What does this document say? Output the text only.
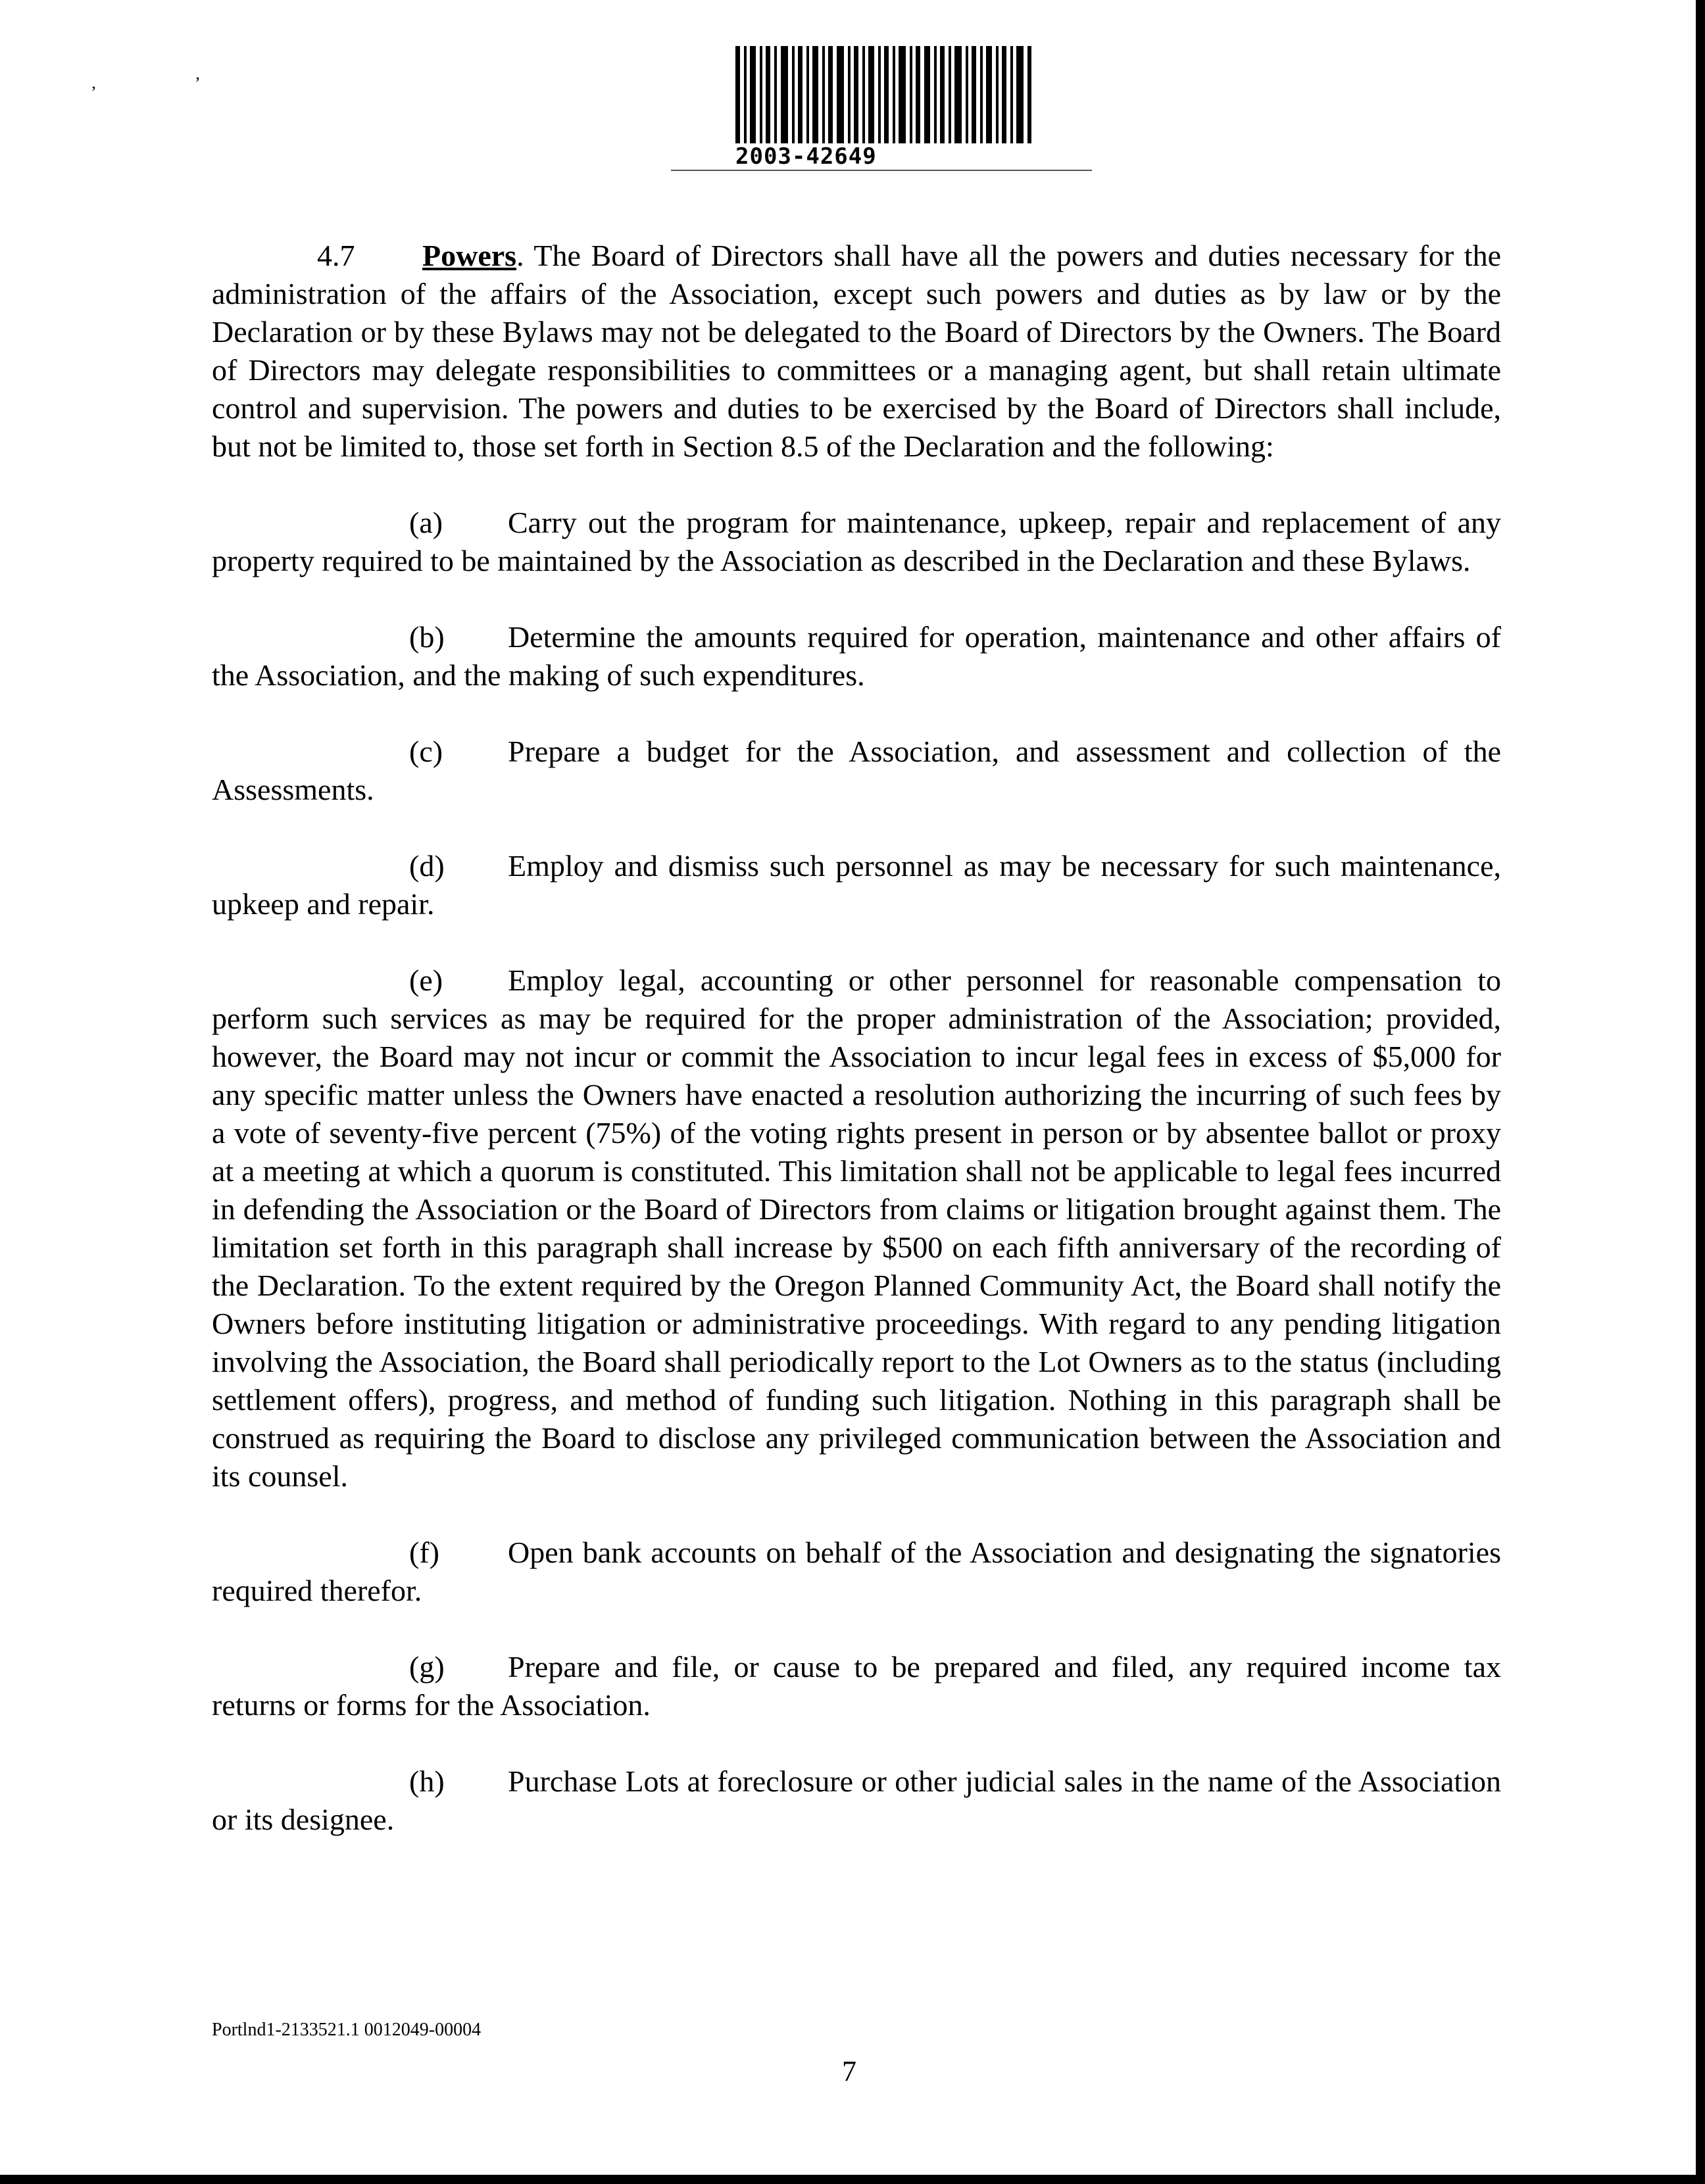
’	’
2003-42649

4.7 Powers. The Board of Directors shall have all the powers and duties necessary for the administration of the affairs of the Association, except such powers and duties as by law or by the Declaration or by these Bylaws may not be delegated to the Board of Directors by the Owners. The Board of Directors may delegate responsibilities to committees or a managing agent, but shall retain ultimate control and supervision. The powers and duties to be exercised by the Board of Directors shall include, but not be limited to, those set forth in Section 8.5 of the Declaration and the following:

(a) Carry out the program for maintenance, upkeep, repair and replacement of any property required to be maintained by the Association as described in the Declaration and these Bylaws.

(b) Determine the amounts required for operation, maintenance and other affairs of the Association, and the making of such expenditures.

(c) Prepare a budget for the Association, and assessment and collection of the Assessments.

(d) Employ and dismiss such personnel as may be necessary for such maintenance, upkeep and repair.

(e) Employ legal, accounting or other personnel for reasonable compensation to perform such services as may be required for the proper administration of the Association; provided, however, the Board may not incur or commit the Association to incur legal fees in excess of $5,000 for any specific matter unless the Owners have enacted a resolution authorizing the incurring of such fees by a vote of seventy-five percent (75%) of the voting rights present in person or by absentee ballot or proxy at a meeting at which a quorum is constituted. This limitation shall not be applicable to legal fees incurred in defending the Association or the Board of Directors from claims or litigation brought against them. The limitation set forth in this paragraph shall increase by $500 on each fifth anniversary of the recording of the Declaration. To the extent required by the Oregon Planned Community Act, the Board shall notify the Owners before instituting litigation or administrative proceedings. With regard to any pending litigation involving the Association, the Board shall periodically report to the Lot Owners as to the status (including settlement offers), progress, and method of funding such litigation. Nothing in this paragraph shall be construed as requiring the Board to disclose any privileged communication between the Association and its counsel.

(f) Open bank accounts on behalf of the Association and designating the signatories required therefor.

(g) Prepare and file, or cause to be prepared and filed, any required income tax returns or forms for the Association.

(h) Purchase Lots at foreclosure or other judicial sales in the name of the Association or its designee.

Portlnd1-2133521.1 0012049-00004
7
